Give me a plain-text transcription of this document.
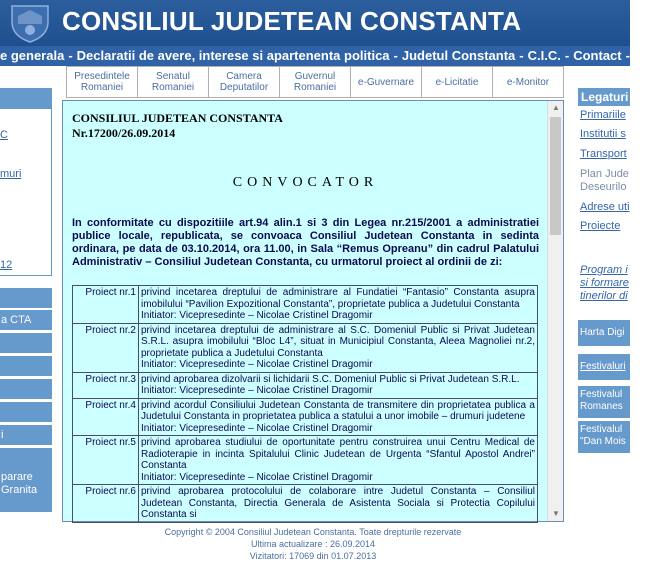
CONSILIUL JUDETEAN CONSTANTA
e generala - Declaratii de avere, interese si apartenenta politica - Judetul Constanta - C.I.C. - Contact - Aj
Presedintele Romaniei
Senatul Romaniei
Camera Deputatilor
Guvernul Romaniei	e-Guvernare	e-Licitatie	e-Monitor
C
muri
12
a CTA
i
parare
Granita
CONSILIUL JUDETEAN CONSTANTA
Nr.17200/26.09.2014
CONVOCATOR
In conformitate cu dispozitiile art.94 alin.1 si 3 din Legea nr.215/2001 a administratiei publice locale, republicata, se convoaca Consiliul Judetean Constanta in sedinta ordinara, pe data de 03.10.2014, ora 11.00, in Sala “Remus Opreanu” din cadrul Palatului Administrativ – Consiliul Judetean Constanta, cu urmatorul proiect al ordinii de zi:
Proiect nr.1	privind incetarea dreptului de administrare al Fundatiei “Fantasio” Constanta asupra imobilului “Pavilion Expozitional Constanta”, proprietate publica a Judetului Constanta
Initiator: Vicepresedinte – Nicolae Cristinel Dragomir

Proiect nr.2	privind incetarea dreptului de administrare al S.C. Domeniul Public si Privat Judetean S.R.L. asupra imobilului “Bloc L4”, situat in Municipiul Constanta, Aleea Magnoliei nr.2, proprietate publica a Judetului Constanta
Initiator: Vicepresedinte – Nicolae Cristinel Dragomir

Proiect nr.3	privind aprobarea dizolvarii si lichidarii S.C. Domeniul Public si Privat Judetean S.R.L.
Initiator: Vicepresedinte – Nicolae Cristinel Dragomir

Proiect nr.4	privind acordul Consiliului Judetean Constanta de transmitere din proprietatea publica a Judetului Constanta in proprietatea publica a statului a unor imobile – drumuri judetene
Initiator: Vicepresedinte – Nicolae Cristinel Dragomir

Proiect nr.5	privind aprobarea studiului de oportunitate pentru construirea unui Centru Medical de Radioterapie in incinta Spitalului Clinic Judetean de Urgenta “Sfantul Apostol Andrei” Constanta
Initiator: Vicepresedinte – Nicolae Cristinel Dragomir

Proiect nr.6	privind aprobarea protocolului de colaborare intre Judetul Constanta – Consiliul Judetean Constanta, Directia Generala de Asistenta Sociala si Protectia Copilului Constanta si
▲
▼
Copyright © 2004 Consiliul Judetean Constanta. Toate drepturile rezervate
Ultima actualizare : 26.09.2014
Vizitatori: 17069 din 01.07.2013
Legaturi
Primariile
Institutii s
Transport
Plan Jude
Deseurilo
Adrese uti
Proiecte
Program i
si formare
tinerilor di
Harta Digi
Festivaluri
Festivalul
Romanes
Festivalul
"Dan Mois
